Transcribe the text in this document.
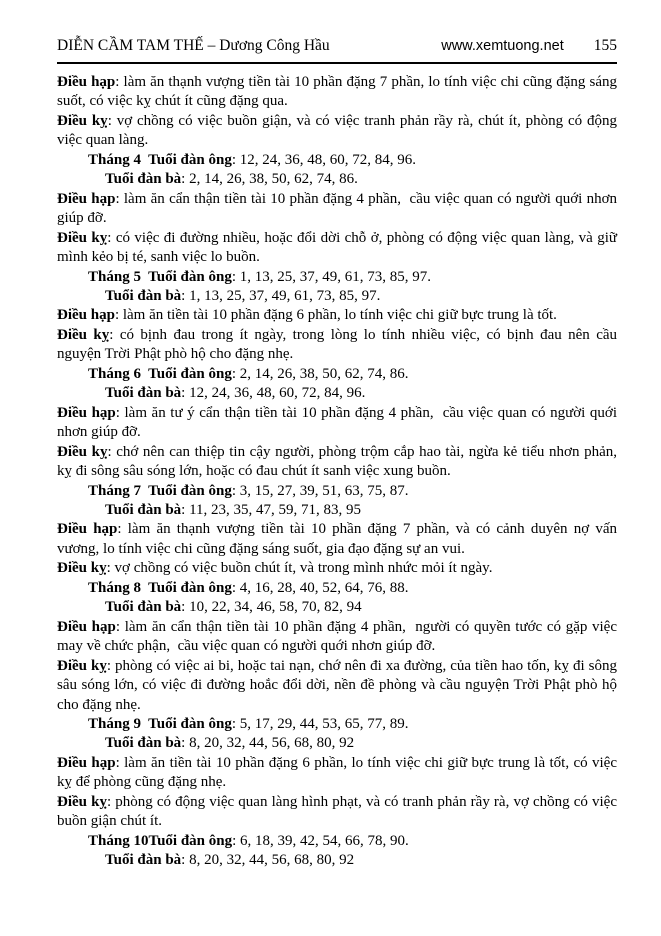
DIỄN CẦM TAM THẾ – Dương Công Hầu	www.xemtuong.net 155

Điều hạp: làm ăn thạnh vượng tiền tài 10 phần đặng 7 phần, lo tính việc chi cũng đặng sáng suốt, có việc kỵ chút ít cũng đặng qua.

Điều kỵ: vợ chồng có việc buồn giận, và có việc tranh phản rầy rà, chút ít, phòng có động việc quan làng.

Tháng 4  Tuổi đàn ông: 12, 24, 36, 48, 60, 72, 84, 96.

Tuổi đàn bà: 2, 14, 26, 38, 50, 62, 74, 86.

Điều hạp: làm ăn cẩn thận tiền tài 10 phần đặng 4 phần,  cầu việc quan có người quới nhơn giúp đỡ.

Điều kỵ: có việc đi đường nhiều, hoặc đổi dời chỗ ở, phòng có động việc quan làng, và giữ mình kẻo bị té, sanh việc lo buồn.

Tháng 5  Tuổi đàn ông: 1, 13, 25, 37, 49, 61, 73, 85, 97.

Tuổi đàn bà: 1, 13, 25, 37, 49, 61, 73, 85, 97.

Điều hạp: làm ăn tiền tài 10 phần đặng 6 phần, lo tính việc chi giữ bực trung là tốt.

Điều kỵ: có bịnh đau trong ít ngày, trong lòng lo tính nhiều việc, có bịnh đau nên cầu nguyện Trời Phật phò hộ cho đặng nhẹ.

Tháng 6  Tuổi đàn ông: 2, 14, 26, 38, 50, 62, 74, 86.

Tuổi đàn bà: 12, 24, 36, 48, 60, 72, 84, 96.

Điều hạp: làm ăn tư ý cẩn thận tiền tài 10 phần đặng 4 phần,  cầu việc quan có người quới nhơn giúp đỡ.

Điều kỵ: chớ nên can thiệp tin cậy người, phòng trộm cắp hao tài, ngừa kẻ tiểu nhơn phản, kỵ đi sông sâu sóng lớn, hoặc có đau chút ít sanh việc xung buồn.

Tháng 7  Tuổi đàn ông: 3, 15, 27, 39, 51, 63, 75, 87.

Tuổi đàn bà: 11, 23, 35, 47, 59, 71, 83, 95

Điều hạp: làm ăn thạnh vượng tiền tài 10 phần đặng 7 phần, và có cảnh duyên nợ vấn vương, lo tính việc chi cũng đặng sáng suốt, gia đạo đặng sự an vui.

Điều kỵ: vợ chồng có việc buồn chút ít, và trong mình nhức mỏi ít ngày.

Tháng 8  Tuổi đàn ông: 4, 16, 28, 40, 52, 64, 76, 88.

Tuổi đàn bà: 10, 22, 34, 46, 58, 70, 82, 94

Điều hạp: làm ăn cẩn thận tiền tài 10 phần đặng 4 phần,  người có quyền tước có gặp việc may về chức phận,  cầu việc quan có người quới nhơn giúp đỡ.

Điều kỵ: phòng có việc ai bi, hoặc tai nạn, chớ nên đi xa đường, của tiền hao tốn, kỵ đi sông sâu sóng lớn, có việc đi đường hoắc đổi dời, nền đề phòng và cầu nguyện Trời Phật phò hộ cho đặng nhẹ.

Tháng 9  Tuổi đàn ông: 5, 17, 29, 44, 53, 65, 77, 89.

Tuổi đàn bà: 8, 20, 32, 44, 56, 68, 80, 92

Điều hạp: làm ăn tiền tài 10 phần đặng 6 phần, lo tính việc chi giữ bực trung là tốt, có việc kỵ để phòng cũng đặng nhẹ.

Điều kỵ: phòng có động việc quan làng hình phạt, và có tranh phản rầy rà, vợ chồng có việc buồn giận chút ít.

Tháng 10Tuổi đàn ông: 6, 18, 39, 42, 54, 66, 78, 90.

Tuổi đàn bà: 8, 20, 32, 44, 56, 68, 80, 92
